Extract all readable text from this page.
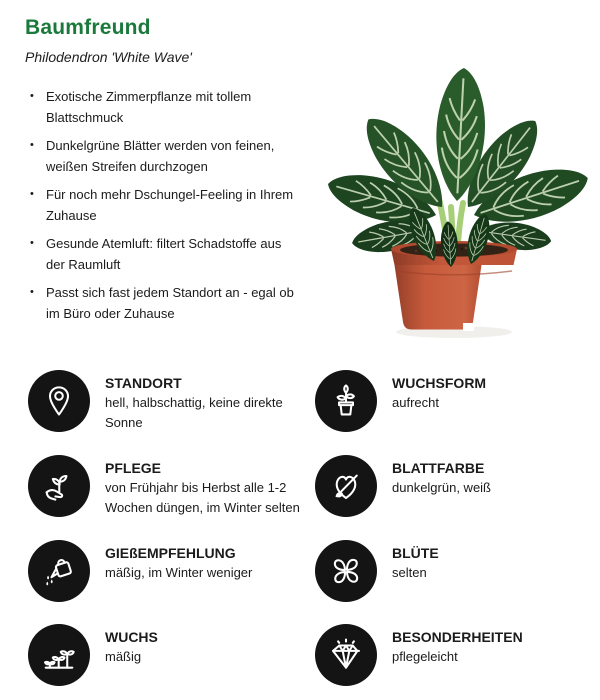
Baumfreund

Philodendron 'White Wave'

• Exotische Zimmerpflanze mit tollem Blattschmuck
• Dunkelgrüne Blätter werden von feinen, weißen Streifen durchzogen
• Für noch mehr Dschungel-Feeling in Ihrem Zuhause
• Gesunde Atemluft: filtert Schadstoffe aus der Raumluft
• Passt sich fast jedem Standort an - egal ob im Büro oder Zuhause
STANDORT
hell, halbschattig, keine direkte Sonne
WUCHSFORM
aufrecht
PFLEGE
von Frühjahr bis Herbst alle 1-2 Wochen düngen, im Winter selten
BLATTFARBE
dunkelgrün, weiß
GIEßEMPFEHLUNG
mäßig, im Winter weniger
BLÜTE
selten
WUCHS
mäßig
BESONDERHEITEN
pflegeleicht
